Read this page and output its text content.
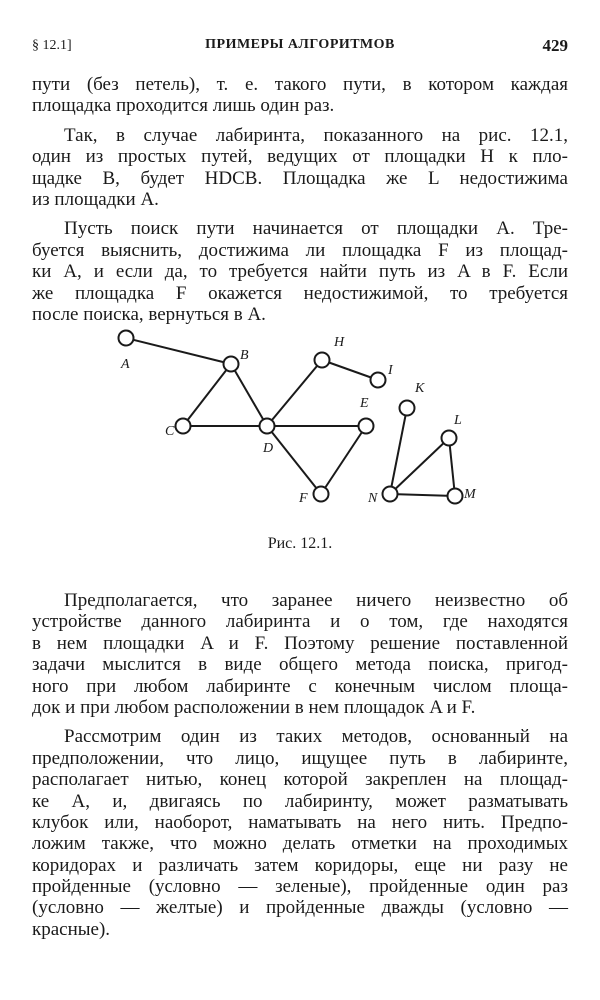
§ 12.1]	ПРИМЕРЫ АЛГОРИТМОВ	429
пути (без петель), т. е. такого пути, в котором каждая
площадка проходится лишь один раз.
Так, в случае лабиринта, показанного на рис. 12.1,
один из простых путей, ведущих от площадки H к пло-
щадке B, будет HDCB. Площадка же L недостижима
из площадки A.
Пусть поиск пути начинается от площадки A. Тре-
буется выяснить, достижима ли площадка F из площад-
ки A, и если да, то требуется найти путь из A в F. Если
же площадка F окажется недостижимой, то требуется
после поиска, вернуться в A.
A
B
C
D
H
I
E
F
K
L
N	M
Рис. 12.1.
Предполагается, что заранее ничего неизвестно об
устройстве данного лабиринта и о том, где находятся
в нем площадки A и F. Поэтому решение поставленной
задачи мыслится в виде общего метода поиска, пригод-
ного при любом лабиринте с конечным числом площа-
док и при любом расположении в нем площадок A и F.
Рассмотрим один из таких методов, основанный на
предположении, что лицо, ищущее путь в лабиринте,
располагает нитью, конец которой закреплен на площад-
ке A, и, двигаясь по лабиринту, может разматывать
клубок или, наоборот, наматывать на него нить. Предпо-
ложим также, что можно делать отметки на проходимых
коридорах и различать затем коридоры, еще ни разу не
пройденные (условно — зеленые), пройденные один раз
(условно — желтые) и пройденные дважды (условно —
красные).
